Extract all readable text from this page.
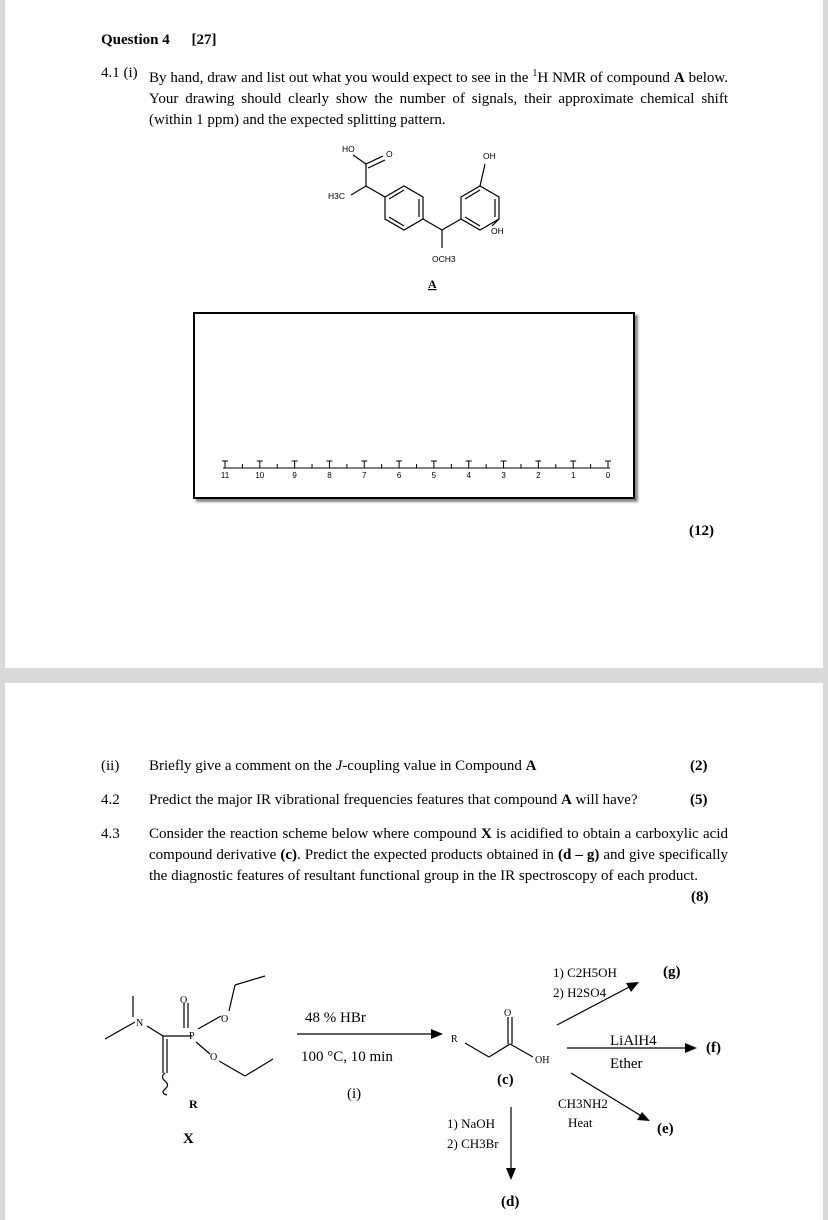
Question 4 [27]
4.1 (i) By hand, draw and list out what you would expect to see in the $^1$H NMR of compound A below. Your drawing should clearly show the number of signals, their approximate chemical shift (within 1 ppm) and the expected splitting pattern.
HO	O	OH
H3C
OH
OCH3
A
11	10	9	8	7	6	5	4	3	2	1	0
(12)
(ii) Briefly give a comment on the J-coupling value in Compound A	(2)
4.2 Predict the major IR vibrational frequencies features that compound A will have?	(5)
4.3 Consider the reaction scheme below where compound X is acidified to obtain a carboxylic acid compound derivative (c). Predict the expected products obtained in (d – g) and give specifically the diagnostic features of resultant functional group in the IR spectroscopy of each product.
(8)
N
P
O
O
O
O
R
OH
R
48 % HBr
100 °C, 10 min
(i)
LiAlH4
Ether
1) C2H5OH
2) H2SO4
CH3NH2
Heat
1) NaOH
2) CH3Br
X
(c)
(g)
(f)
(e)
(d)
